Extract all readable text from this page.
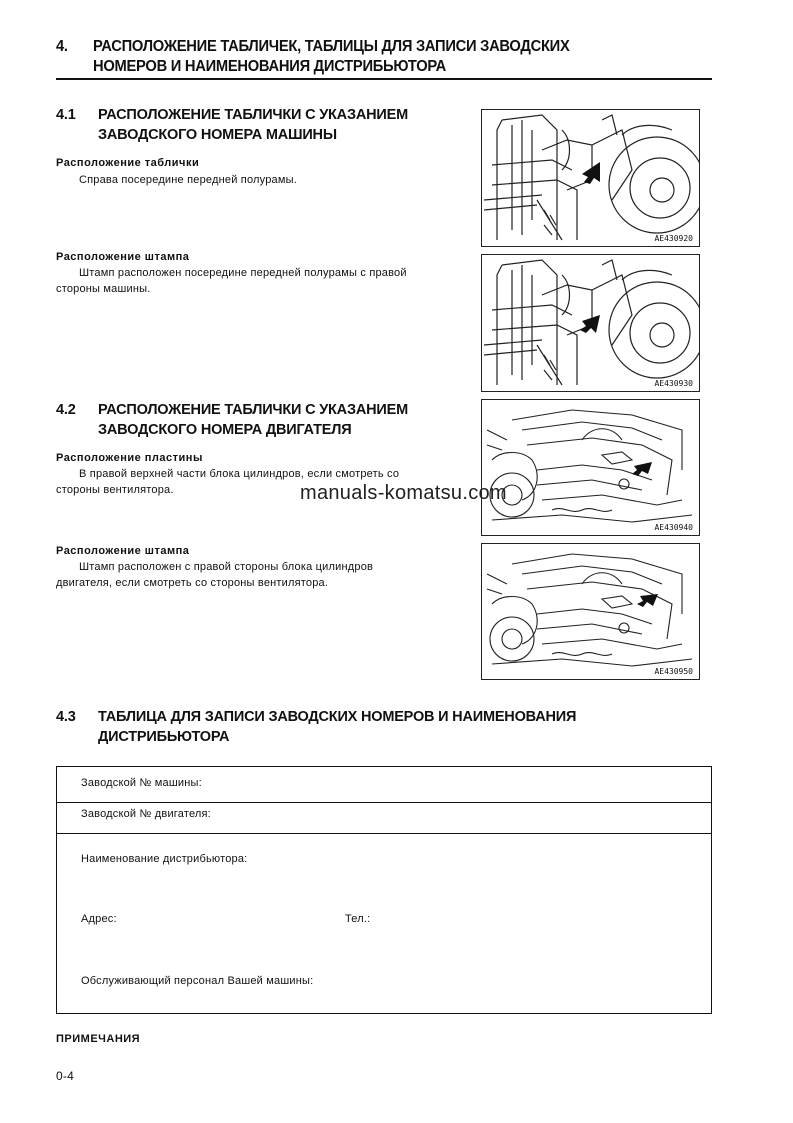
4. РАСПОЛОЖЕНИЕ ТАБЛИЧЕК, ТАБЛИЦЫ ДЛЯ ЗАПИСИ ЗАВОДСКИХ
НОМЕРОВ И НАИМЕНОВАНИЯ ДИСТРИБЬЮТОРА
4.1 РАСПОЛОЖЕНИЕ ТАБЛИЧКИ С УКАЗАНИЕМ
ЗАВОДСКОГО НОМЕРА МАШИНЫ
Расположение таблички
Справа посередине передней полурамы.
Расположение штампа
Штамп расположен посередине передней полурамы с правой
стороны машины.
AE430920
AE430930
4.2 РАСПОЛОЖЕНИЕ ТАБЛИЧКИ С УКАЗАНИЕМ
ЗАВОДСКОГО НОМЕРА ДВИГАТЕЛЯ
Расположение пластины
В правой верхней части блока цилиндров, если смотреть со
стороны вентилятора.
Расположение штампа
Штамп расположен с правой стороны блока цилиндров
двигателя, если смотреть со стороны вентилятора.
AE430940
AE430950
manuals-komatsu.com
4.3 ТАБЛИЦА ДЛЯ ЗАПИСИ ЗАВОДСКИХ НОМЕРОВ И НАИМЕНОВАНИЯ
ДИСТРИБЬЮТОРА
Заводской № машины:
Заводской № двигателя:
Наименование дистрибьютора:
Адрес:	Тел.:
Обслуживающий персонал Вашей машины:
ПРИМЕЧАНИЯ
0-4
